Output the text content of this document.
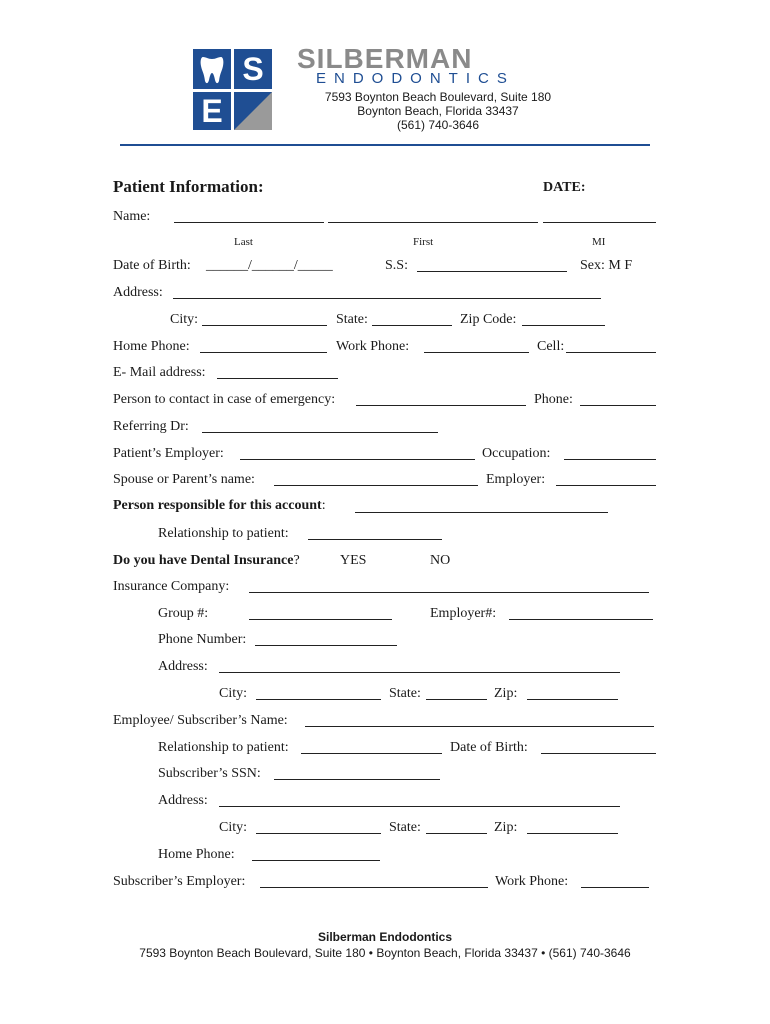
S
E
SILBERMAN
ENDODONTICS
7593 Boynton Beach Boulevard, Suite 180
Boynton Beach, Florida 33437
(561) 740-3646
Patient Information:	DATE:
Name:
Last	First	MI
Date of Birth: ______/______/_____	S.S:	Sex: M F
Address:
City:	State:	Zip Code:
Home Phone:	Work Phone:	Cell:
E- Mail address:
Person to contact in case of emergency:	Phone:
Referring Dr:
Patient’s Employer:	Occupation:
Spouse or Parent’s name:	Employer:
Person responsible for this account:
Relationship to patient:
Do you have Dental Insurance?	YES	NO
Insurance Company:
Group #:	Employer#:
Phone Number:
Address:
City:	State:	Zip:
Employee/ Subscriber’s Name:
Relationship to patient:	Date of Birth:
Subscriber’s SSN:
Address:
City:	State:	Zip:
Home Phone:
Subscriber’s Employer:	Work Phone:
Silberman Endodontics
7593 Boynton Beach Boulevard, Suite 180 • Boynton Beach, Florida 33437 • (561) 740-3646
